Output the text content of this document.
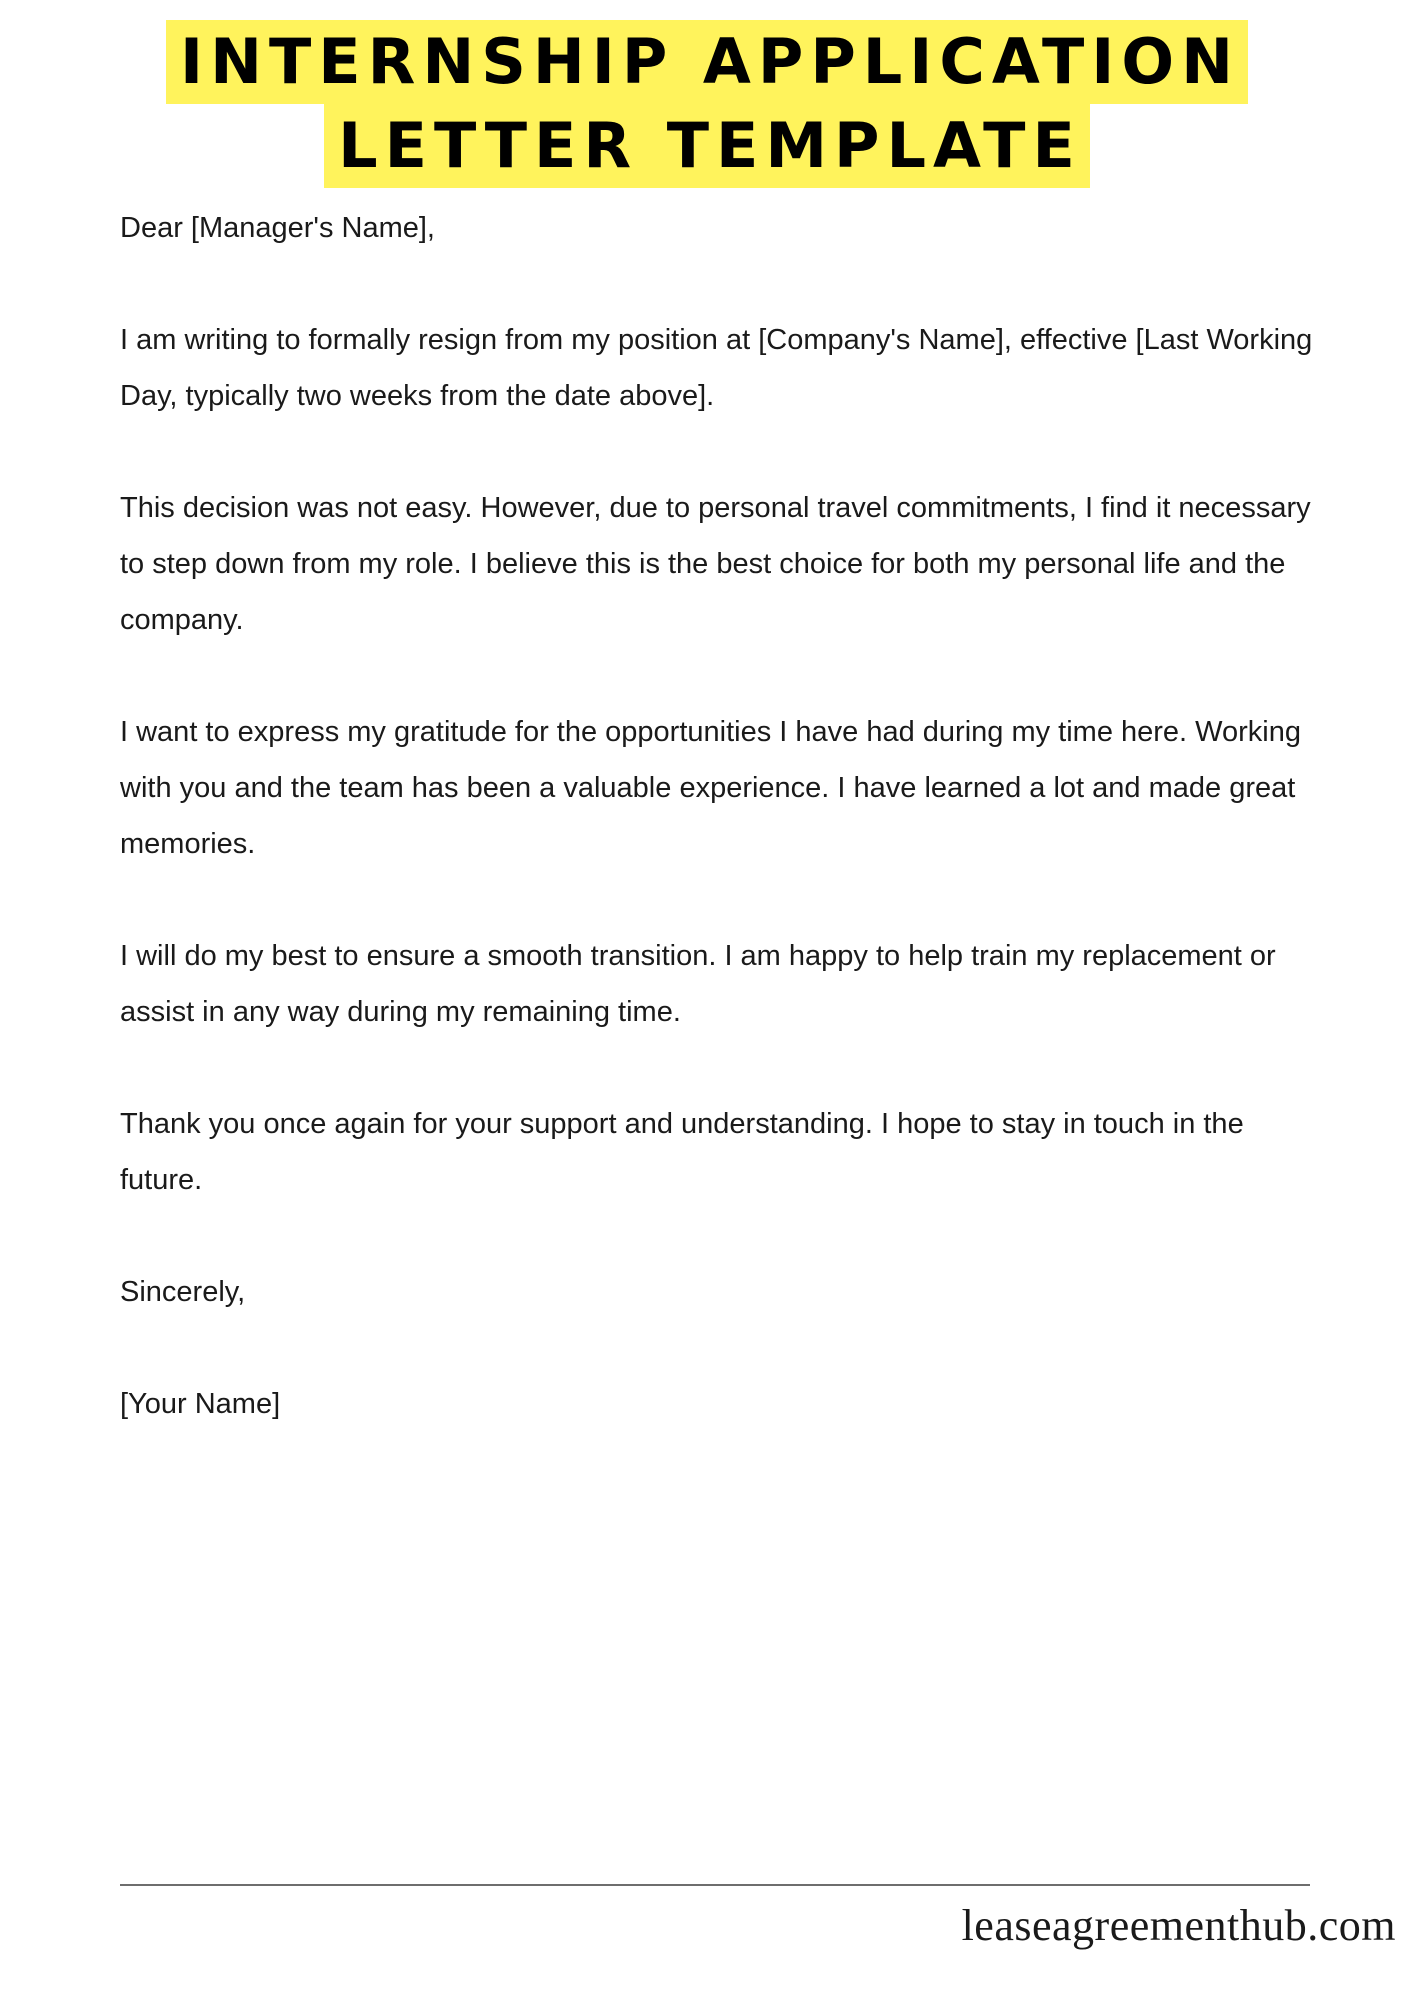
INTERNSHIP APPLICATION
LETTER TEMPLATE

Dear [Manager's Name],

I am writing to formally resign from my position at [Company's Name], effective [Last Working Day, typically two weeks from the date above].

This decision was not easy. However, due to personal travel commitments, I find it necessary to step down from my role. I believe this is the best choice for both my personal life and the company.

I want to express my gratitude for the opportunities I have had during my time here. Working with you and the team has been a valuable experience. I have learned a lot and made great memories.

I will do my best to ensure a smooth transition. I am happy to help train my replacement or assist in any way during my remaining time.

Thank you once again for your support and understanding. I hope to stay in touch in the future.

Sincerely,

[Your Name]

leaseagreementhub.com
